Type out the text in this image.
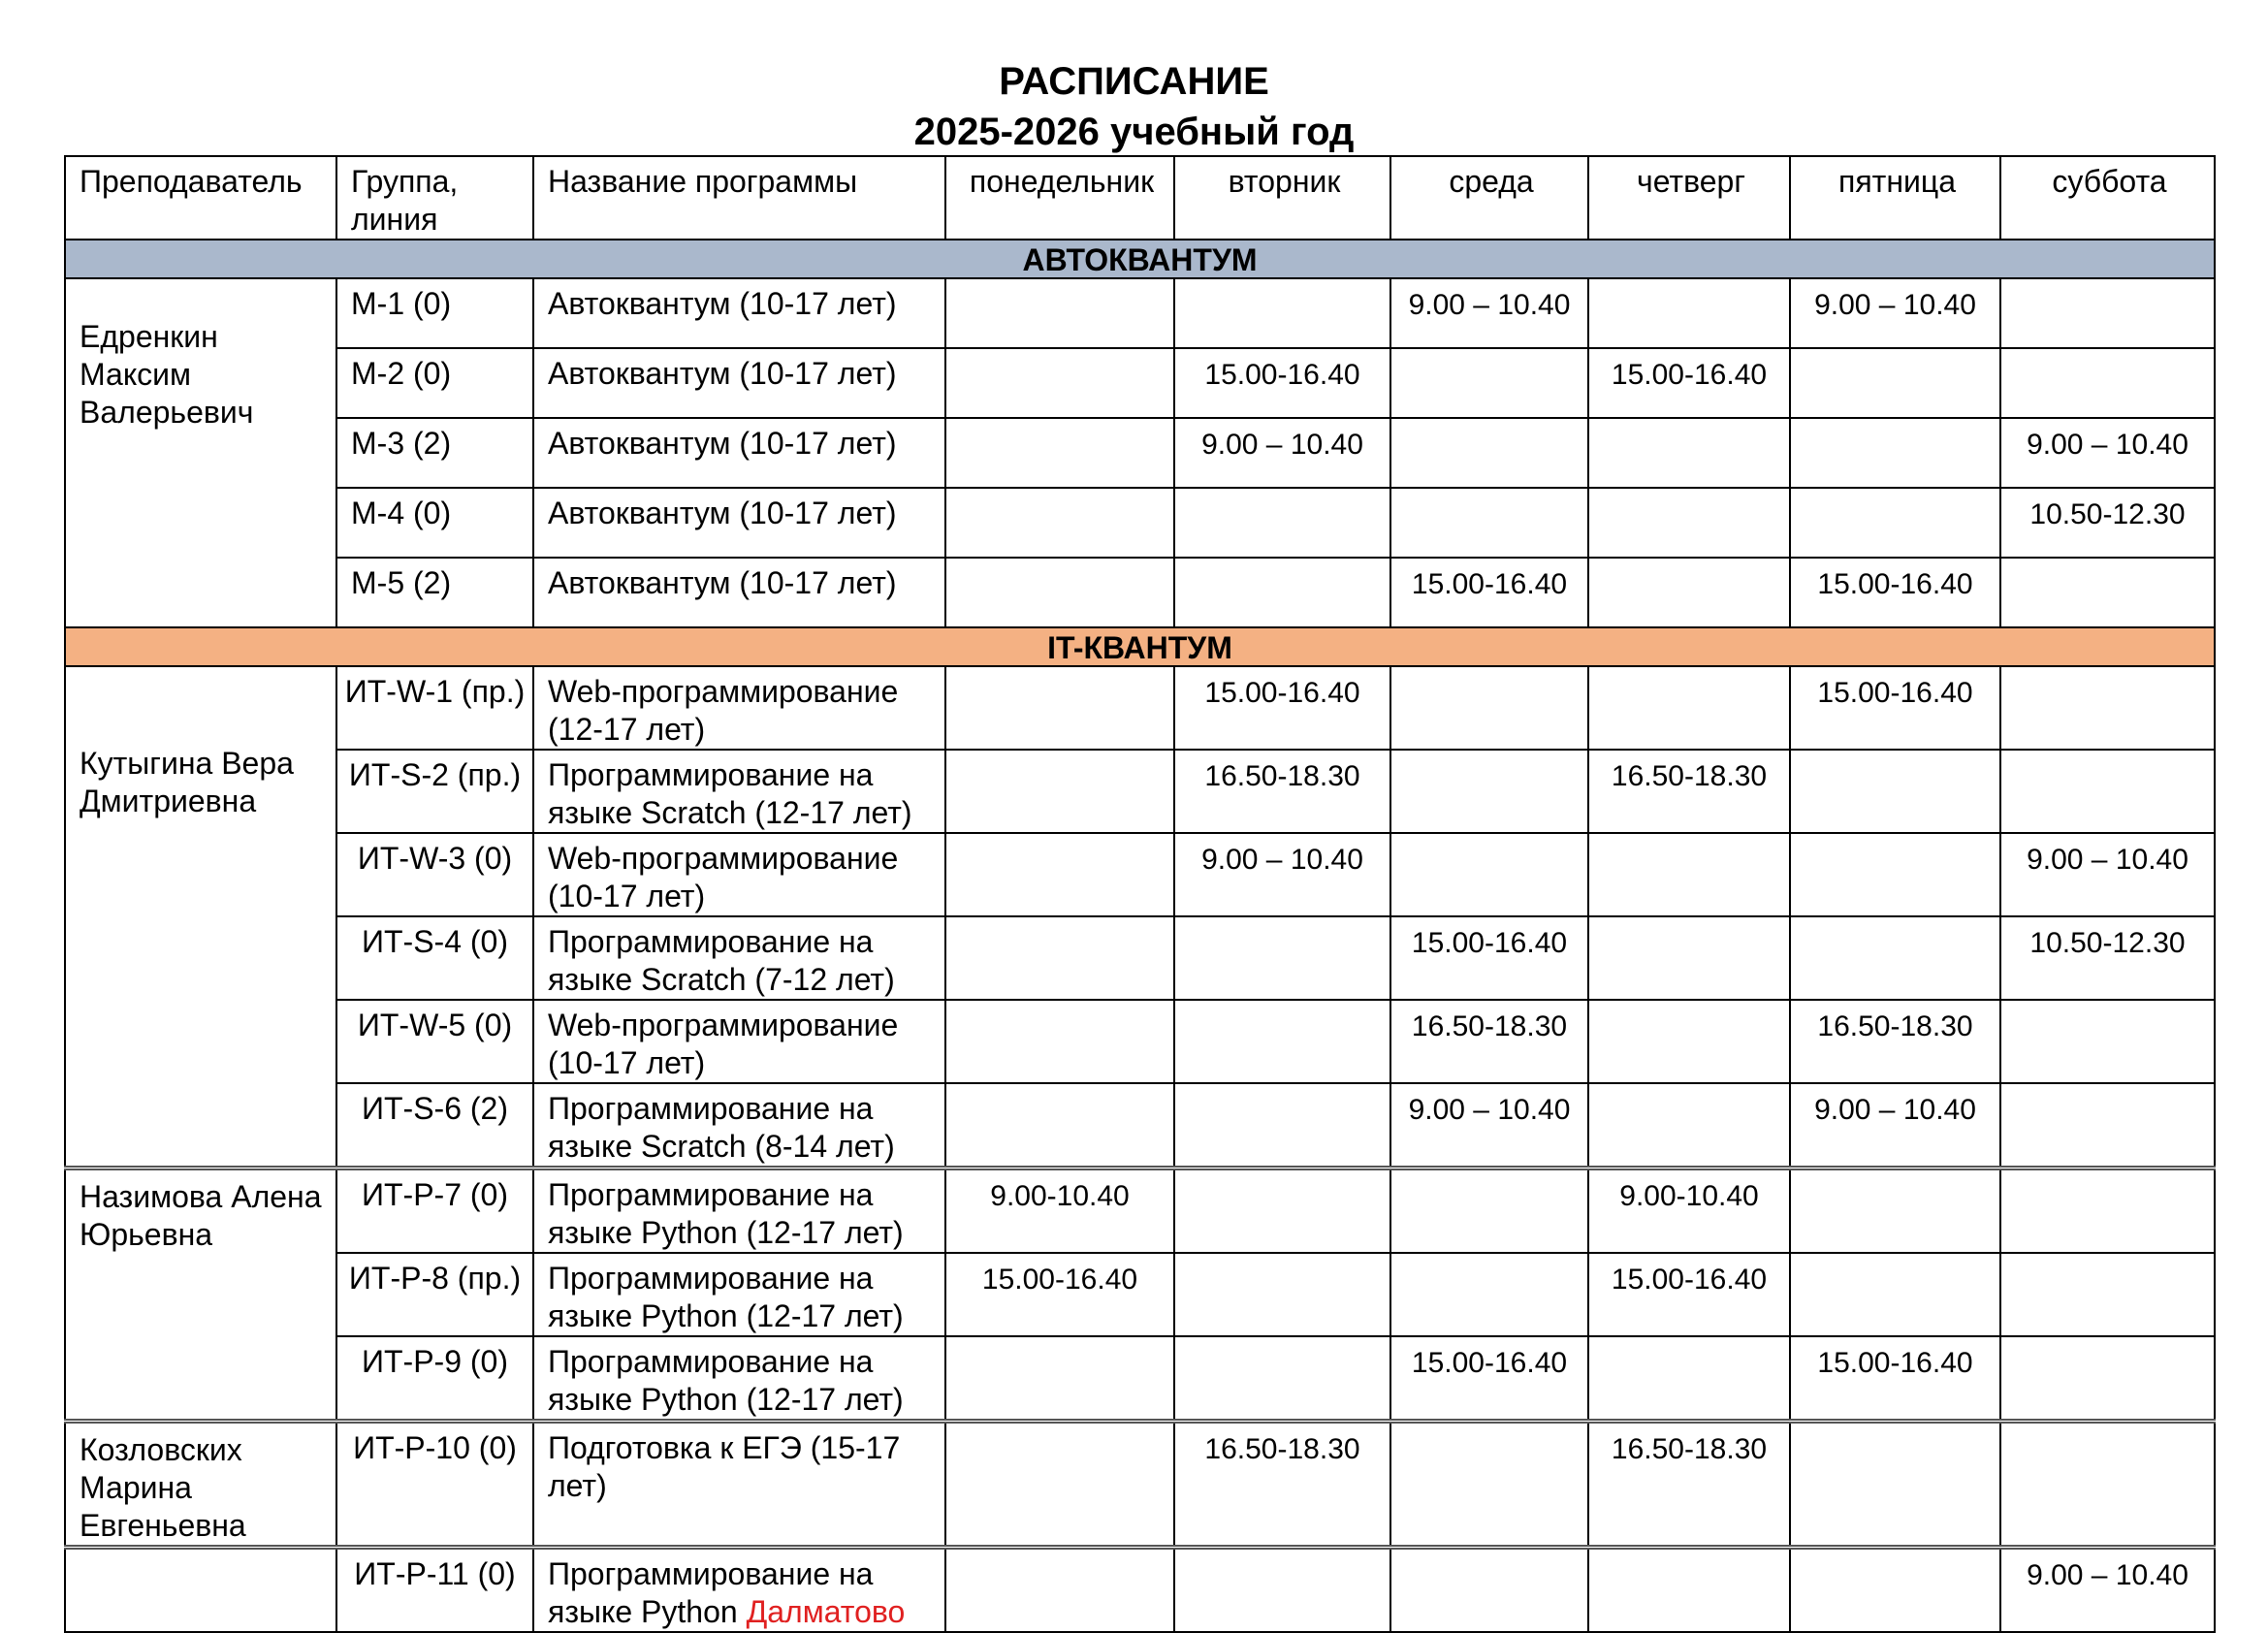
РАСПИСАНИЕ
2025-2026 учебный год
Преподаватель	Группа, линия	Название программы	понедельник	вторник	среда	четверг	пятница	суббота
АВТОКВАНТУМ								

Едренкин Максим Валерьевич	М-1 (0)	Автоквантум (10-17 лет)			9.00 – 10.40		9.00 – 10.40	
	М-2 (0)	Автоквантум (10-17 лет)		15.00-16.40		15.00-16.40		
	М-3 (2)	Автоквантум (10-17 лет)		9.00 – 10.40				9.00 – 10.40
	М-4 (0)	Автоквантум (10-17 лет)						10.50-12.30
	М-5 (2)	Автоквантум (10-17 лет)			15.00-16.40		15.00-16.40	
IT-КВАНТУМ								

Кутыгина Вера Дмитриевна	ИТ-W-1 (пр.)	Web-программирование (12-17 лет)		15.00-16.40			15.00-16.40	
	ИТ-S-2 (пр.)	Программирование на языке Scratch (12-17 лет)		16.50-18.30		16.50-18.30		
	ИТ-W-3 (0)	Web-программирование (10-17 лет)		9.00 – 10.40				9.00 – 10.40
	ИТ-S-4 (0)	Программирование на языке Scratch (7-12 лет)			15.00-16.40			10.50-12.30
	ИТ-W-5 (0)	Web-программирование (10-17 лет)			16.50-18.30		16.50-18.30	
	ИТ-S-6 (2)	Программирование на языке Scratch (8-14 лет)			9.00 – 10.40		9.00 – 10.40	

Назимова Алена Юрьевна	ИТ-Р-7 (0)	Программирование на языке Python (12-17 лет)	9.00-10.40			9.00-10.40		
	ИТ-Р-8 (пр.)	Программирование на языке Python (12-17 лет)	15.00-16.40			15.00-16.40		
	ИТ-Р-9 (0)	Программирование на языке Python (12-17 лет)			15.00-16.40		15.00-16.40	

Козловских Марина Евгеньевна	ИТ-Р-10 (0)	Подготовка к ЕГЭ (15-17 лет)		16.50-18.30		16.50-18.30		
	ИТ-Р-11 (0)	Программирование на языке Python Далматово						9.00 – 10.40
